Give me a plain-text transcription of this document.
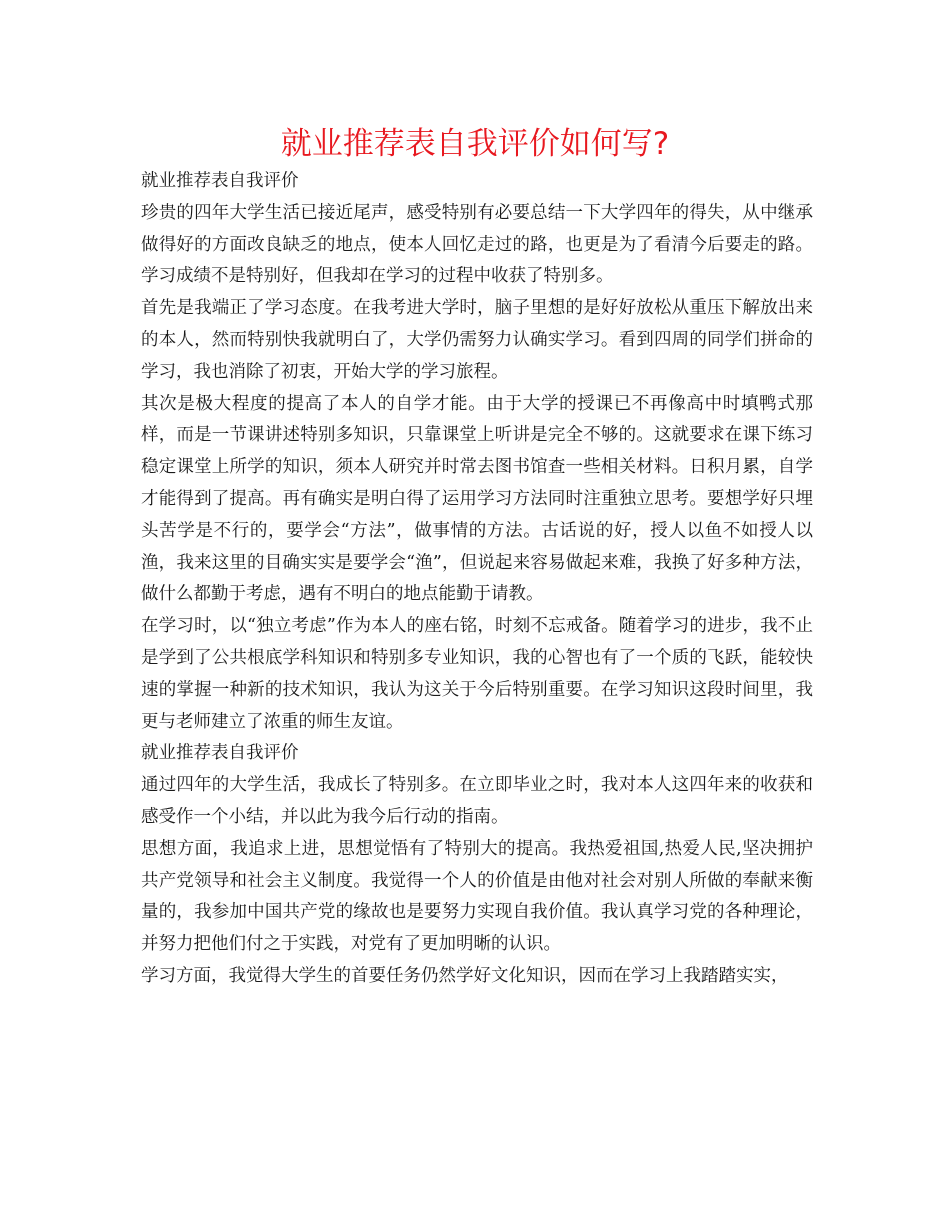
就业推荐表自我评价如何写?

就业推荐表自我评价

珍贵的四年大学生活已接近尾声，感受特别有必要总结一下大学四年的得失，从中继承做得好的方面改良缺乏的地点，使本人回忆走过的路，也更是为了看清今后要走的路。学习成绩不是特别好，但我却在学习的过程中收获了特别多。

首先是我端正了学习态度。在我考进大学时，脑子里想的是好好放松从重压下解放出来的本人，然而特别快我就明白了，大学仍需努力认确实学习。看到四周的同学们拼命的学习，我也消除了初衷，开始大学的学习旅程。

其次是极大程度的提高了本人的自学才能。由于大学的授课已不再像高中时填鸭式那样，而是一节课讲述特别多知识，只靠课堂上听讲是完全不够的。这就要求在课下练习稳定课堂上所学的知识，须本人研究并时常去图书馆查一些相关材料。日积月累，自学才能得到了提高。再有确实是明白得了运用学习方法同时注重独立思考。要想学好只埋头苦学是不行的，要学会“方法”，做事情的方法。古话说的好，授人以鱼不如授人以渔，我来这里的目确实实是要学会“渔”，但说起来容易做起来难，我换了好多种方法，做什么都勤于考虑，遇有不明白的地点能勤于请教。

在学习时，以“独立考虑”作为本人的座右铭，时刻不忘戒备。随着学习的进步，我不止是学到了公共根底学科知识和特别多专业知识，我的心智也有了一个质的飞跃，能较快速的掌握一种新的技术知识，我认为这关于今后特别重要。在学习知识这段时间里，我更与老师建立了浓重的师生友谊。

就业推荐表自我评价

通过四年的大学生活，我成长了特别多。在立即毕业之时，我对本人这四年来的收获和感受作一个小结，并以此为我今后行动的指南。

思想方面，我追求上进，思想觉悟有了特别大的提高。我热爱祖国,热爱人民,坚决拥护共产党领导和社会主义制度。我觉得一个人的价值是由他对社会对别人所做的奉献来衡量的，我参加中国共产党的缘故也是要努力实现自我价值。我认真学习党的各种理论，并努力把他们付之于实践，对党有了更加明晰的认识。

学习方面，我觉得大学生的首要任务仍然学好文化知识，因而在学习上我踏踏实实，
